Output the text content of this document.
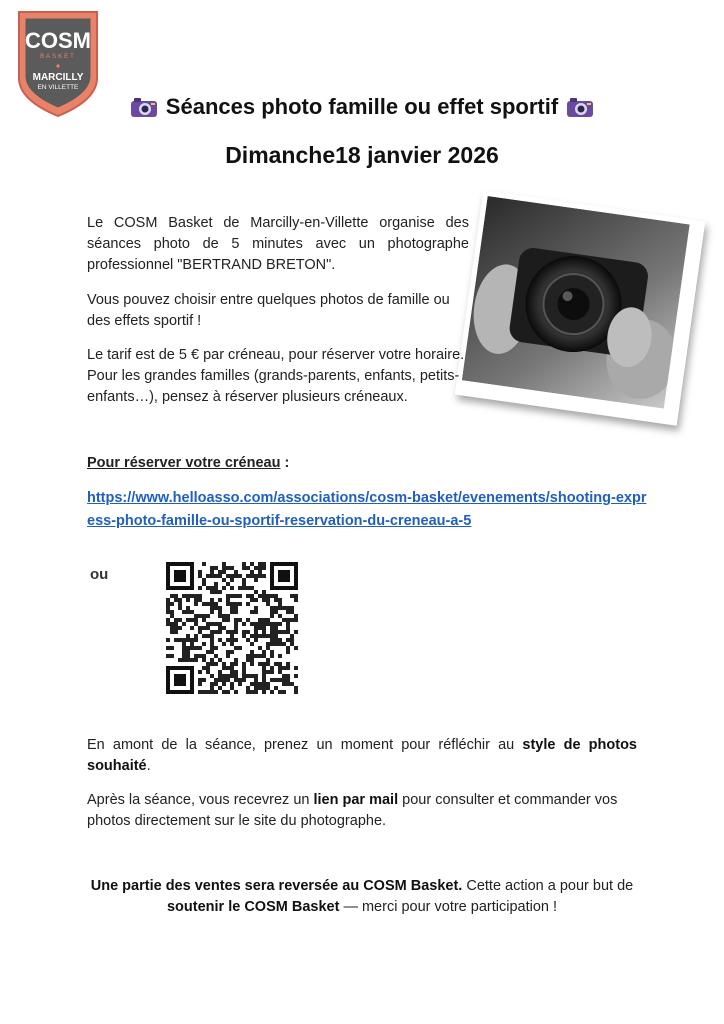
COSM
BASKET
MARCILLY
EN VILLETTE
Séances photo famille ou effet sportif
Dimanche18 janvier 2026

Le COSM Basket de Marcilly-en-Villette organise des séances photo de 5 minutes avec un photographe professionnel "BERTRAND BRETON".

Vous pouvez choisir entre quelques photos de famille ou des effets sportif !

Le tarif est de 5 € par créneau, pour réserver votre horaire. Pour les grandes familles (grands-parents, enfants, petits-enfants…), pensez à réserver plusieurs créneaux.

Pour réserver votre créneau :
https://www.helloasso.com/associations/cosm-basket/evenements/shooting-express-photo-famille-ou-sportif-reservation-du-creneau-a-5
ou

En amont de la séance, prenez un moment pour réfléchir au style de photos souhaité.

Après la séance, vous recevrez un lien par mail pour consulter et commander vos photos directement sur le site du photographe.

Une partie des ventes sera reversée au COSM Basket. Cette action a pour but de soutenir le COSM Basket — merci pour votre participation !
